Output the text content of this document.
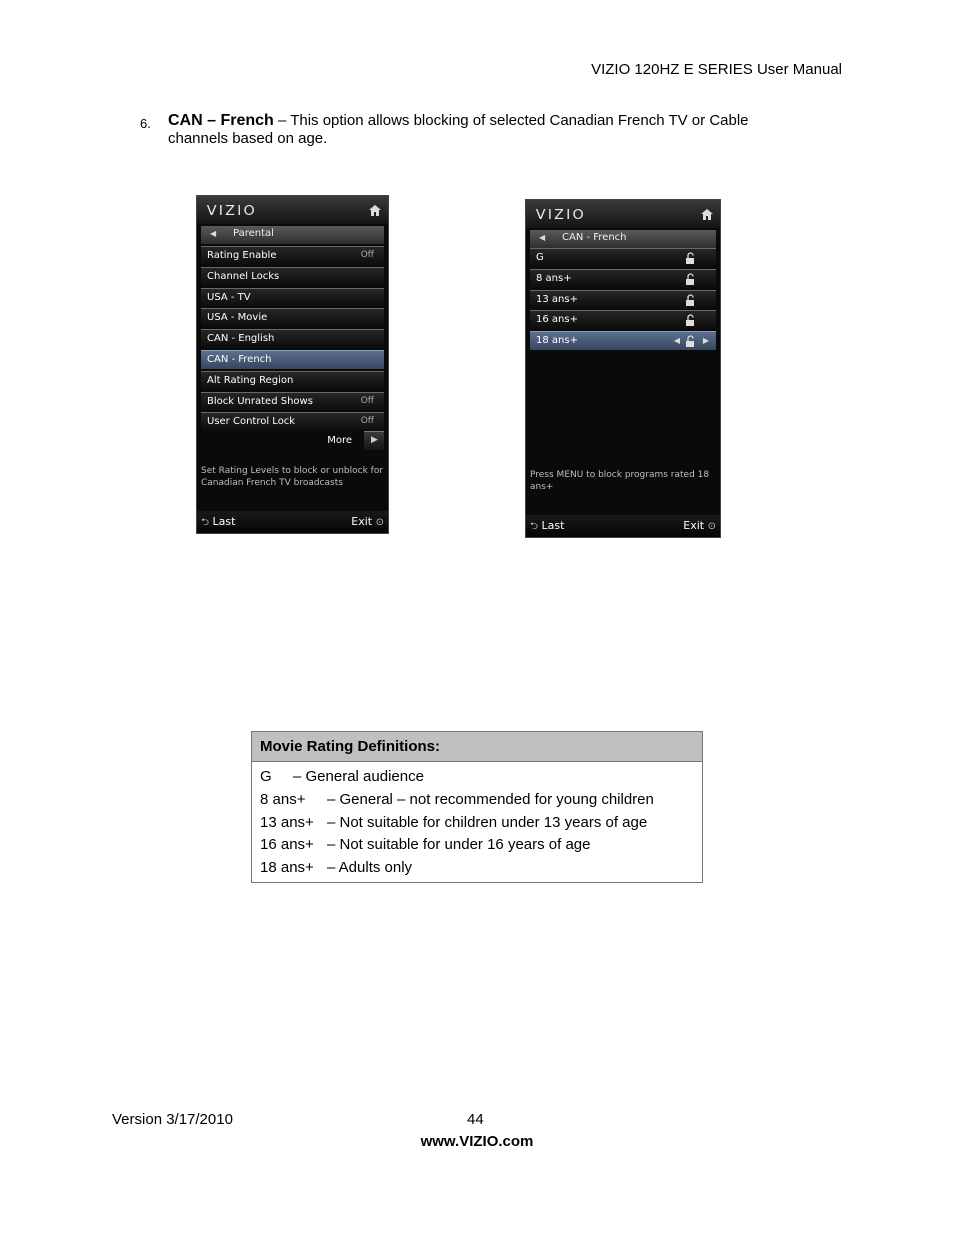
VIZIO 120HZ E SERIES User Manual
6. CAN – French – This option allows blocking of selected Canadian French TV or Cable channels based on age.
VIZIO
◀ Parental
Rating Enable	Off
Channel Locks
USA - TV
USA - Movie
CAN - English
CAN - French
Alt Rating Region
Block Unrated Shows	Off
User Control Lock	Off
More ▶
Set Rating Levels to block or unblock for Canadian French TV broadcasts
⮌ Last	Exit ⊙
VIZIO
◀ CAN - French
G
8 ans+
13 ans+
16 ans+
18 ans+	◀	▶
Press MENU to block programs rated 18 ans+
⮌ Last	Exit ⊙
Movie Rating Definitions:
G – General audience
8 ans+ – General – not recommended for young children
13 ans+ – Not suitable for children under 13 years of age
16 ans+ – Not suitable for under 16 years of age
18 ans+ – Adults only
Version 3/17/2010	44
www.VIZIO.com
